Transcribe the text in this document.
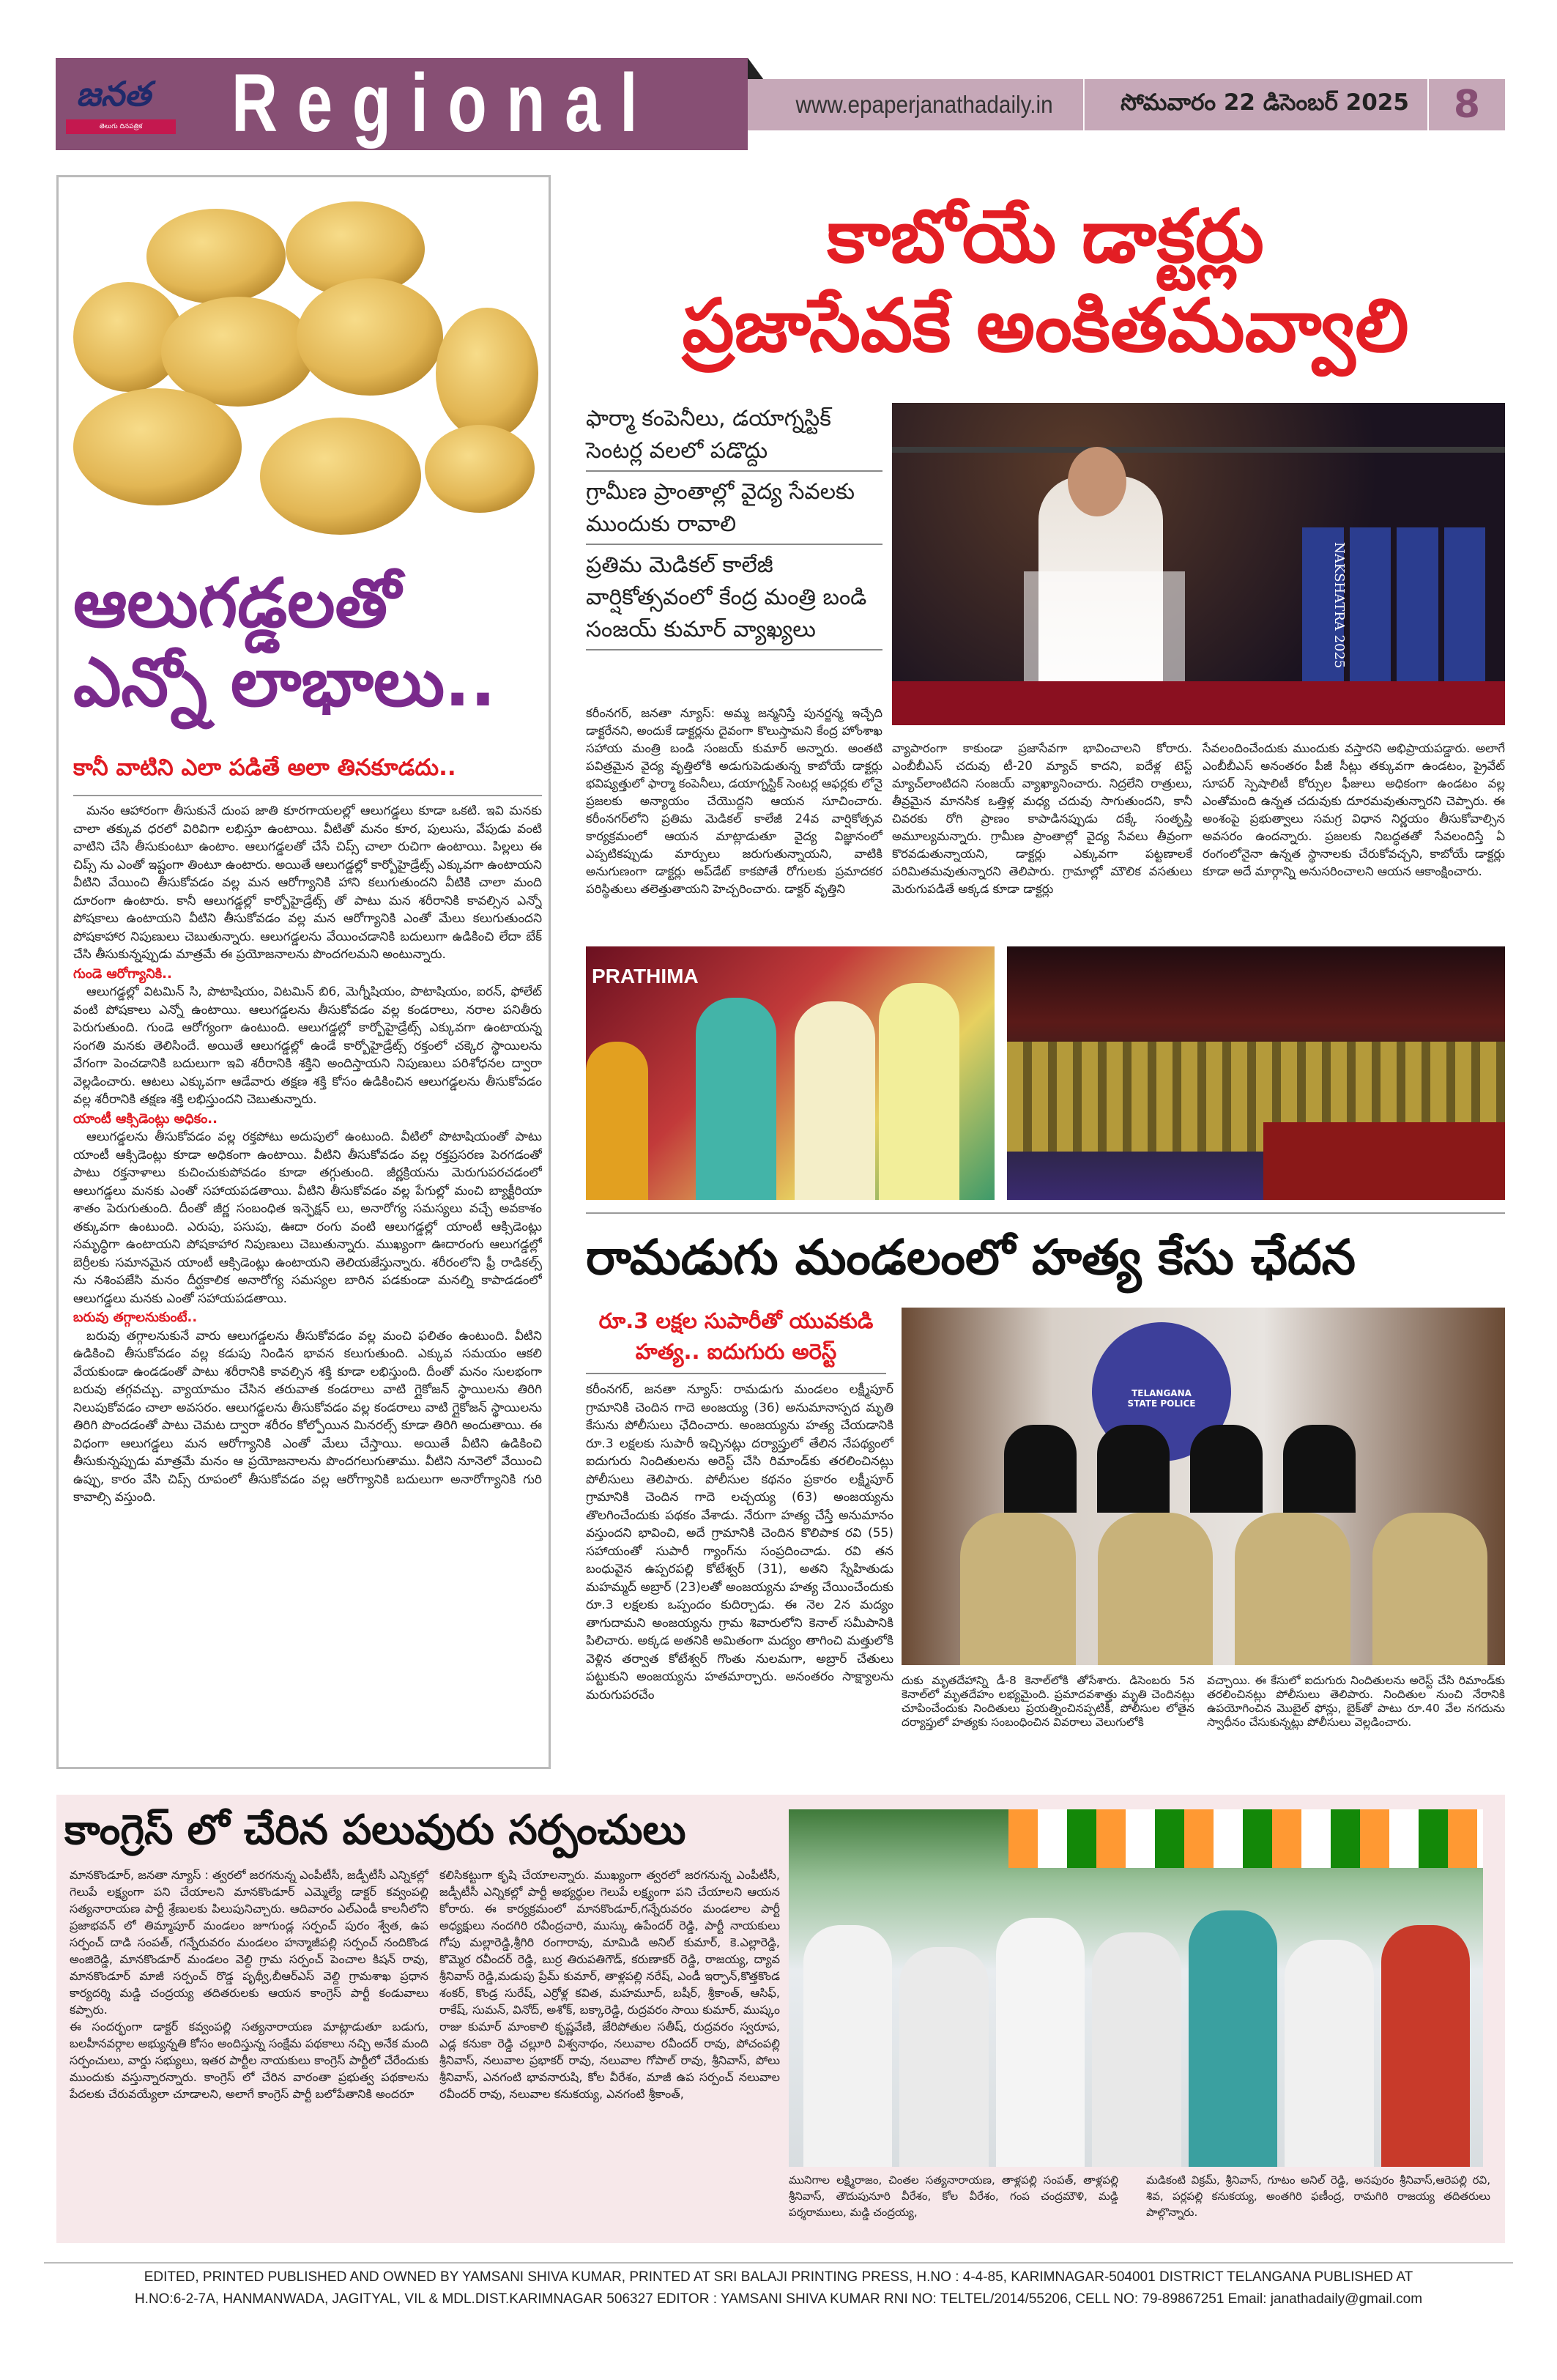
జనత
తెలుగు దినపత్రిక	Regional	www.epaperjanathadaily.in	సోమవారం 22 డిసెంబర్ 2025	8
ఆలుగడ్డలతో
ఎన్నో లాభాలు..
కానీ వాటిని ఎలా పడితే అలా తినకూడదు..

మనం ఆహారంగా తీసుకునే దుంప జాతి కూరగాయలల్లో ఆలుగడ్డలు కూడా ఒకటి. ఇవి మనకు చాలా తక్కువ ధరలో విరివిగా లభిస్తూ ఉంటాయి. వీటితో మనం కూర, పులుసు, వేపుడు వంటి వాటిని చేసి తీసుకుంటూ ఉంటాం. ఆలుగడ్డలతో చేసే చిప్స్ చాలా రుచిగా ఉంటాయి. పిల్లలు ఈ చిప్స్ ను ఎంతో ఇష్టంగా తింటూ ఉంటారు. అయితే ఆలుగడ్డల్లో కార్బోహైడ్రేట్స్ ఎక్కువగా ఉంటాయని వీటిని వేయించి తీసుకోవడం వల్ల మన ఆరోగ్యానికి హాని కలుగుతుందని వీటికి చాలా మంది దూరంగా ఉంటారు. కానీ ఆలుగడ్డల్లో కార్బోహైడ్రేట్స్ తో పాటు మన శరీరానికి కావల్సిన ఎన్నో పోషకాలు ఉంటాయని వీటిని తీసుకోవడం వల్ల మన ఆరోగ్యానికి ఎంతో మేలు కలుగుతుందని పోషకాహార నిపుణులు చెబుతున్నారు. ఆలుగడ్డలను వేయించడానికి బదులుగా ఉడికించి లేదా బేక్ చేసి తీసుకున్నప్పుడు మాత్రమే ఈ ప్రయోజనాలను పొందగలమని అంటున్నారు.

గుండె ఆరోగ్యానికి..

ఆలుగడ్డల్లో విటమిన్ సి, పొటాషియం, విటమిన్ బి6, మెగ్నీషియం, పొటాషియం, ఐరన్, ఫోలేట్ వంటి పోషకాలు ఎన్నో ఉంటాయి. ఆలుగడ్డలను తీసుకోవడం వల్ల కండరాలు, నరాల పనితీరు పెరుగుతుంది. గుండె ఆరోగ్యంగా ఉంటుంది. ఆలుగడ్డల్లో కార్బోహైడ్రేట్స్ ఎక్కువగా ఉంటాయన్న సంగతి మనకు తెలిసిందే. అయితే ఆలుగడ్డల్లో ఉండే కార్బోహైడ్రేట్స్ రక్తంలో చక్కెర స్థాయిలను వేగంగా పెంచడానికి బదులుగా ఇవి శరీరానికి శక్తిని అందిస్తాయని నిపుణులు పరిశోధనల ద్వారా వెల్లడించారు. ఆటలు ఎక్కువగా ఆడేవారు తక్షణ శక్తి కోసం ఉడికించిన ఆలుగడ్డలను తీసుకోవడం వల్ల శరీరానికి తక్షణ శక్తి లభిస్తుందని చెబుతున్నారు.

యాంటీ ఆక్సిడెంట్లు అధికం..

ఆలుగడ్డలను తీసుకోవడం వల్ల రక్తపోటు అదుపులో ఉంటుంది. వీటిలో పొటాషియంతో పాటు యాంటీ ఆక్సిడెంట్లు కూడా అధికంగా ఉంటాయి. వీటిని తీసుకోవడం వల్ల రక్తప్రసరణ పెరగడంతో పాటు రక్తనాళాలు కుచించుకుపోవడం కూడా తగ్గుతుంది. జీర్ణక్రియను మెరుగుపరచడంలో ఆలుగడ్డలు మనకు ఎంతో సహాయపడతాయి. వీటిని తీసుకోవడం వల్ల పేగుల్లో మంచి బ్యాక్టీరియా శాతం పెరుగుతుంది. దీంతో జీర్ణ సంబంధిత ఇన్ఫెక్షన్ లు, అనారోగ్య సమస్యలు వచ్చే అవకాశం తక్కువగా ఉంటుంది. ఎరుపు, పసుపు, ఊదా రంగు వంటి ఆలుగడ్డల్లో యాంటీ ఆక్సిడెంట్లు సమృద్ధిగా ఉంటాయని పోషకాహార నిపుణులు చెబుతున్నారు. ముఖ్యంగా ఊదారంగు ఆలుగడ్డల్లో బెర్రీలకు సమానమైన యాంటీ ఆక్సిడెంట్లు ఉంటాయని తెలియజేస్తున్నారు. శరీరంలోని ఫ్రీ రాడికల్స్ ను నశింపజేసి మనం దీర్ఘకాలిక అనారోగ్య సమస్యల బారిన పడకుండా మనల్ని కాపాడడంలో ఆలుగడ్డలు మనకు ఎంతో సహాయపడతాయి.

బరువు తగ్గాలనుకుంటే..

బరువు తగ్గాలనుకునే వారు ఆలుగడ్డలను తీసుకోవడం వల్ల మంచి ఫలితం ఉంటుంది. వీటిని ఉడికించి తీసుకోవడం వల్ల కడుపు నిండిన భావన కలుగుతుంది. ఎక్కువ సమయం ఆకలి వేయకుండా ఉండడంతో పాటు శరీరానికి కావల్సిన శక్తి కూడా లభిస్తుంది. దీంతో మనం సులభంగా బరువు తగ్గవచ్చు. వ్యాయామం చేసిన తరువాత కండరాలు వాటి గ్లైకోజన్ స్థాయిలను తిరిగి నిలుపుకోవడం చాలా అవసరం. ఆలుగడ్డలను తీసుకోవడం వల్ల కండరాలు వాటి గ్లైకోజన్ స్థాయిలను తిరిగి పొందడంతో పాటు చెమట ద్వారా శరీరం కోల్పోయిన మినరల్స్ కూడా తిరిగి అందుతాయి. ఈ విధంగా ఆలుగడ్డలు మన ఆరోగ్యానికి ఎంతో మేలు చేస్తాయి. అయితే వీటిని ఉడికించి తీసుకున్నప్పుడు మాత్రమే మనం ఆ ప్రయోజనాలను పొందగలుగుతాము. వీటిని నూనెలో వేయించి ఉప్పు, కారం వేసి చిప్స్ రూపంలో తీసుకోవడం వల్ల ఆరోగ్యానికి బదులుగా అనారోగ్యానికి గురి కావాల్సి వస్తుంది.

కాబోయే డాక్టర్లు
ప్రజాసేవకే అంకితమవ్వాలి
ఫార్మా కంపెనీలు, డయాగ్నస్టిక్ సెంటర్ల వలలో పడొద్దు
గ్రామీణ ప్రాంతాల్లో వైద్య సేవలకు ముందుకు రావాలి
ప్రతిమ మెడికల్ కాలేజీ వార్షికోత్సవంలో కేంద్ర మంత్రి బండి సంజయ్ కుమార్ వ్యాఖ్యలు	NAKSHATRA 2025
కరీంనగర్, జనతా న్యూస్: అమ్మ జన్మనిస్తే పునర్జన్మ ఇచ్చేది డాక్టరేనని, అందుకే డాక్టర్లను దైవంగా కొలుస్తామని కేంద్ర హోంశాఖ సహాయ మంత్రి బండి సంజయ్ కుమార్ అన్నారు. అంతటి పవిత్రమైన వైద్య వృత్తిలోకి అడుగుపెడుతున్న కాబోయే డాక్టర్లు భవిష్యత్తులో ఫార్మా కంపెనీలు, డయాగ్నస్టిక్ సెంటర్ల ఆఫర్లకు లోనై ప్రజలకు అన్యాయం చేయొద్దని ఆయన సూచించారు. కరీంనగర్‌లోని ప్రతిమ మెడికల్ కాలేజీ 24వ వార్షికోత్సవ కార్యక్రమంలో ఆయన మాట్లాడుతూ వైద్య విజ్ఞానంలో ఎప్పటికప్పుడు మార్పులు జరుగుతున్నాయని, వాటికి అనుగుణంగా డాక్టర్లు అప్‌డేట్ కాకపోతే రోగులకు ప్రమాదకర పరిస్థితులు తలెత్తుతాయని హెచ్చరించారు. డాక్టర్ వృత్తిని
వ్యాపారంగా కాకుండా ప్రజాసేవగా భావించాలని కోరారు. ఎంబీబీఎస్ చదువు టీ-20 మ్యాచ్ కాదని, ఐదేళ్ల టెస్ట్ మ్యాచ్‌లాంటిదని సంజయ్ వ్యాఖ్యానించారు. నిద్రలేని రాత్రులు, తీవ్రమైన మానసిక ఒత్తిళ్ల మధ్య చదువు సాగుతుందని, కానీ చివరకు రోగి ప్రాణం కాపాడినప్పుడు దక్కే సంతృప్తి అమూల్యమన్నారు. గ్రామీణ ప్రాంతాల్లో వైద్య సేవలు తీవ్రంగా కొరవడుతున్నాయని, డాక్టర్లు ఎక్కువగా పట్టణాలకే పరిమితమవుతున్నారని తెలిపారు. గ్రామాల్లో మౌలిక వసతులు మెరుగుపడితే అక్కడ కూడా డాక్టర్లు
సేవలందించేందుకు ముందుకు వస్తారని అభిప్రాయపడ్డారు. అలాగే ఎంబీబీఎస్ అనంతరం పీజీ సీట్లు తక్కువగా ఉండటం, ప్రైవేట్ సూపర్ స్పెషాలిటీ కోర్సుల ఫీజులు అధికంగా ఉండటం వల్ల ఎంతోమంది ఉన్నత చదువుకు దూరమవుతున్నారని చెప్పారు. ఈ అంశంపై ప్రభుత్వాలు సమగ్ర విధాన నిర్ణయం తీసుకోవాల్సిన అవసరం ఉందన్నారు. ప్రజలకు నిబద్ధతతో సేవలందిస్తే ఏ రంగంలోనైనా ఉన్నత స్థానాలకు చేరుకోవచ్చని, కాబోయే డాక్టర్లు కూడా అదే మార్గాన్ని అనుసరించాలని ఆయన ఆకాంక్షించారు.
PRATHIMA
రామడుగు మండలంలో హత్య కేసు ఛేదన
రూ.3 లక్షల సుపారీతో యువకుడి హత్య.. ఐదుగురు అరెస్ట్
కరీంనగర్, జనతా న్యూస్: రామడుగు మండలం లక్ష్మీపూర్ గ్రామానికి చెందిన గాదె అంజయ్య (36) అనుమానాస్పద మృతి కేసును పోలీసులు ఛేదించారు. అంజయ్యను హత్య చేయడానికి రూ.3 లక్షలకు సుపారీ ఇచ్చినట్లు దర్యాప్తులో తేలిన నేపథ్యంలో ఐదుగురు నిందితులను అరెస్ట్ చేసి రిమాండ్‌కు తరలించినట్లు పోలీసులు తెలిపారు. పోలీసుల కథనం ప్రకారం లక్ష్మీపూర్ గ్రామానికి చెందిన గాదె లచ్చయ్య (63) అంజయ్యను తొలగించేందుకు పథకం వేశాడు. నేరుగా హత్య చేస్తే అనుమానం వస్తుందని భావించి, అదే గ్రామానికి చెందిన కొలిపాక రవి (55) సహాయంతో సుపారీ గ్యాంగ్‌ను సంప్రదించాడు. రవి తన బంధువైన ఉప్పరపల్లి కోటేశ్వర్ (31), అతని స్నేహితుడు మహమ్మద్ అబ్రార్ (23)లతో అంజయ్యను హత్య చేయించేందుకు రూ.3 లక్షలకు ఒప్పందం కుదిర్చాడు. ఈ నెల 2న మద్యం తాగుదామని అంజయ్యను గ్రామ శివారులోని కెనాల్ సమీపానికి పిలిచారు. అక్కడ అతనికి అమితంగా మద్యం తాగించి మత్తులోకి వెళ్లిన తర్వాత కోటేశ్వర్ గొంతు నులమగా, అబ్రార్ చేతులు పట్టుకుని అంజయ్యను హతమార్చారు. అనంతరం సాక్ష్యాలను మరుగుపరచేం
TELANGANA STATE POLICE
దుకు మృతదేహాన్ని డీ-8 కెనాల్‌లోకి తోసేశారు. డిసెంబరు 5న కెనాల్‌లో మృతదేహం లభ్యమైంది. ప్రమాదవశాత్తు మృతి చెందినట్లు చూపించేందుకు నిందితులు ప్రయత్నించినప్పటికీ, పోలీసుల లోతైన దర్యాప్తులో హత్యకు సంబంధించిన వివరాలు వెలుగులోకి
వచ్చాయి. ఈ కేసులో ఐదుగురు నిందితులను అరెస్ట్ చేసి రిమాండ్‌కు తరలించినట్లు పోలీసులు తెలిపారు. నిందితుల నుంచి నేరానికి ఉపయోగించిన మొబైల్ ఫోన్లు, బైక్‌తో పాటు రూ.40 వేల నగదును స్వాధీనం చేసుకున్నట్లు పోలీసులు వెల్లడించారు.
కాంగ్రెస్ లో చేరిన పలువురు సర్పంచులు
మానకొండూర్, జనతా న్యూస్ : త్వరలో జరగనున్న ఎంపీటీసీ, జడ్పీటీసీ ఎన్నికల్లో గెలుపే లక్ష్యంగా పని చేయాలని మానకొండూర్ ఎమ్మెల్యే డాక్టర్ కవ్వంపల్లి సత్యనారాయణ పార్టీ శ్రేణులకు పిలుపునిచ్చారు. ఆదివారం ఎల్ఎండీ కాలనీలోని ప్రజాభవన్ లో తిమ్మాపూర్ మండలం జూగుండ్ల సర్పంచ్ పురం శ్వేత, ఉప సర్పంచ్ దాడి సంపత్, గన్నేరువరం మండలం హన్మాజీపల్లి సర్పంచ్ నందికొండ అంజిరెడ్డి, మానకొండూర్ మండలం వెల్ది గ్రామ సర్పంచ్ పెంచాల కిషన్ రావు, మానకొండూర్ మాజీ సర్పంచ్ రొడ్డ పృథ్వీ,బీఆర్ఎస్ వెల్ది గ్రామశాఖ ప్రధాన కార్యదర్శి మడ్డి చంద్రయ్య తదితరులకు ఆయన కాంగ్రెస్ పార్టీ కండువాలు కప్పారు.
ఈ సందర్భంగా డాక్టర్ కవ్వంపల్లి సత్యనారాయణ మాట్లాడుతూ బడుగు, బలహీనవర్గాల అభ్యున్నతి కోసం అందిస్తున్న సంక్షేమ పథకాలు నచ్చి అనేక మంది సర్పంచులు, వార్డు సభ్యులు, ఇతర పార్టీల నాయకులు కాంగ్రెస్ పార్టీలో చేరేందుకు ముందుకు వస్తున్నారన్నారు. కాంగ్రెస్ లో చేరిన వారంతా ప్రభుత్వ పథకాలను పేదలకు చేరువయ్యేలా చూడాలని, అలాగే కాంగ్రెస్ పార్టీ బలోపేతానికి అందరూ
కలిసికట్టుగా కృషి చేయాలన్నారు. ముఖ్యంగా త్వరలో జరగనున్న ఎంపీటీసీ, జడ్పీటీసీ ఎన్నికల్లో పార్టీ అభ్యర్థుల గెలుపే లక్ష్యంగా పని చేయాలని ఆయన కోరారు. ఈ కార్యక్రమంలో మానకొండూర్,గన్నేరువరం మండలాల పార్టీ అధ్యక్షులు నందగిరి రవీంద్రచారి, ముస్కు ఉపేందర్ రెడ్డి, పార్టీ నాయకులు గోపు మల్లారెడ్డి,శ్రీగిరి రంగారావు, మామిడి అనిల్ కుమార్, కె.ఎల్లారెడ్డి, కొమ్మెర రవీందర్ రెడ్డి, బుర్ర తిరుపతిగౌడ్, కరుణాకర్ రెడ్డి, రాజయ్య, ద్యావ శ్రీనివాస్ రెడ్డి,మడుపు ప్రేమ్ కుమార్, తాళ్లపల్లి నరేష్, ఎండీ ఇర్ఫాన్,కొత్తకొండ శంకర్, కొండ్ర సురేష్, ఎర్రోళ్ల కవిత, మహమూద్, బషీర్, శ్రీకాంత్, ఆసిఫ్, రాకేష్, సుమన్, వినోద్, అశోక్, బక్కారెడ్డి, రుద్రవరం సాయి కుమార్, ముష్కం రాజు కుమార్ మాంకాలి కృష్ణవేణి, జేరిపోతుల సతీష్, రుద్రవరం స్వరూప, ఎడ్ల కనుకా రెడ్డి చల్లూరి విశ్వనాథం, నలువాల రవీందర్ రావు, పోచంపల్లి శ్రీనివాస్, నలువాల ప్రభాకర్ రావు, నలువాల గోపాల్ రావు, శ్రీనివాస్, పోలు శ్రీనివాస్, ఎనగంటి భావనారుషి, కోల వీరేశం, మాజీ ఉప సర్పంచ్ నలువాల రవీందర్ రావు, నలువాల కనుకయ్య, ఎనగంటి శ్రీకాంత్,
మునిగాల లక్ష్మిరాజం, చింతల సత్యనారాయణ, తాళ్లపల్లి సంపత్, తాళ్లపల్లి శ్రీనివాస్, తౌదుపునూరి వీరేశం, కోల వీరేశం, గంప చంద్రమౌళి, మడ్డి పర్శరాములు, మడ్డి చంద్రయ్య,
మడికంటి విక్రమ్, శ్రీనివాస్, గూటం అనిల్ రెడ్డి, అనపురం శ్రీనివాస్,ఆరెపల్లి రవి, శివ, పర్లపల్లి కనుకయ్య, అంతగిరి ఫణీంద్ర, రామగిరి రాజయ్య తదితరులు పాల్గొన్నారు.
EDITED, PRINTED PUBLISHED AND OWNED BY YAMSANI SHIVA KUMAR, PRINTED AT SRI BALAJI PRINTING PRESS, H.NO : 4-4-85, KARIMNAGAR-504001 DISTRICT TELANGANA PUBLISHED AT
H.NO:6-2-7A, HANMANWADA, JAGITYAL, VIL & MDL.DIST.KARIMNAGAR 506327 EDITOR : YAMSANI SHIVA KUMAR RNI NO: TELTEL/2014/55206, CELL NO: 79-89867251 Email: janathadaily@gmail.com
